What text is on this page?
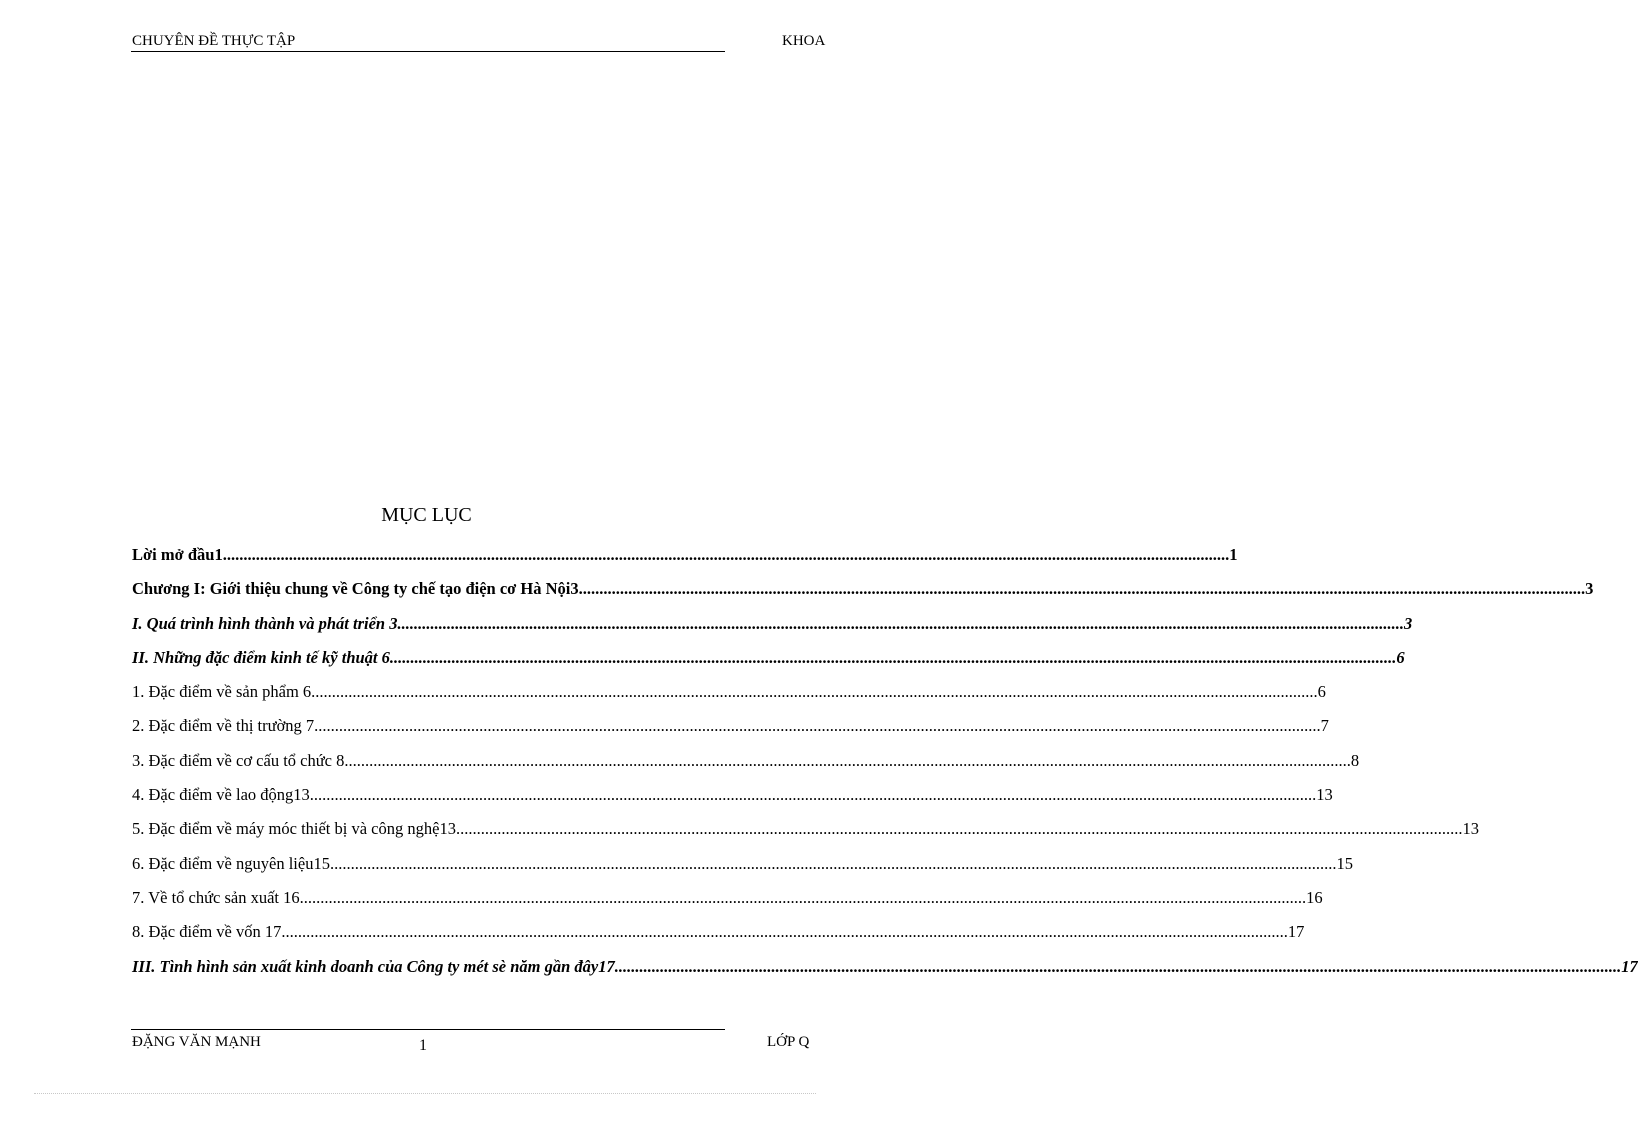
CHUYÊN ĐỀ THỰC TẬP	KHOA
MỤC LỤC
Lời mở đầu1 .....	1
Chương I: Giới thiệu chung về Công ty chế tạo điện cơ Hà Nội3 .....	3
I. Quá trình hình thành và phát triển 3 .....	3
II. Những đặc điểm kinh tế kỹ thuật 6 .....	6
1. Đặc điểm về sản phẩm 6 .....	6
2. Đặc điểm về thị trường 7 .....	7
3. Đặc điểm về cơ cấu tổ chức 8 .....	8
4. Đặc điểm về lao động13 .....	13
5. Đặc điểm về máy móc thiết bị và công nghệ13 .....	13
6. Đặc điểm về nguyên liệu15 .....	15
7. Về tổ chức sản xuất 16 .....	16
8. Đặc điểm về vốn 17 .....	17
III. Tình hình sản xuất kinh doanh của Công ty mét sè năm gần đây17 .....	17
ĐẶNG VĂN MẠNH	1	LỚP Q
